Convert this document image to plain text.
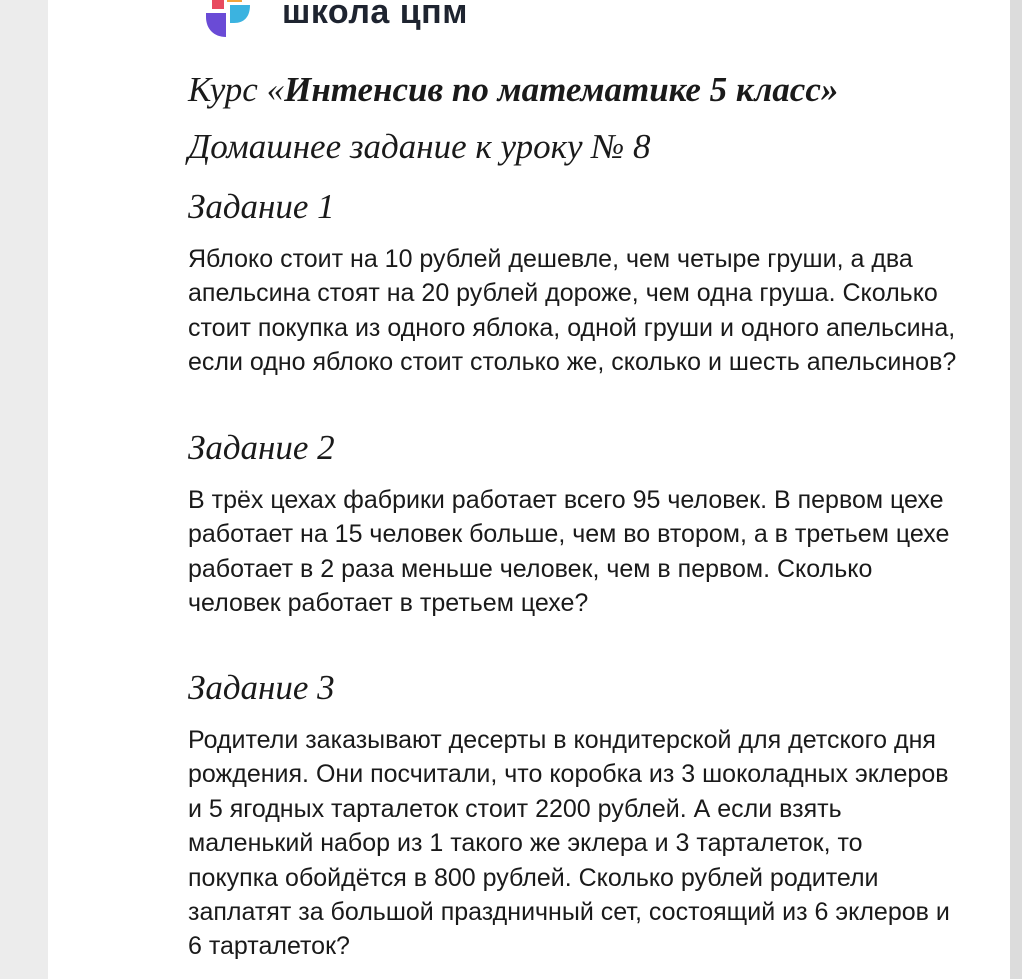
школа цпм
Курс «Интенсив по математике 5 класс»
Домашнее задание к уроку № 8
Задание 1

Яблоко стоит на 10 рублей дешевле, чем четыре груши, а два апельсина стоят на 20 рублей дороже, чем одна груша. Сколько стоит покупка из одного яблока, одной груши и одного апельсина, если одно яблоко стоит столько же, сколько и шесть апельсинов?

Задание 2

В трёх цехах фабрики работает всего 95 человек. В первом цехе работает на 15 человек больше, чем во втором, а в третьем цехе работает в 2 раза меньше человек, чем в первом. Сколько человек работает в третьем цехе?

Задание 3

Родители заказывают десерты в кондитерской для детского дня рождения. Они посчитали, что коробка из 3 шоколадных эклеров и 5 ягодных тарталеток стоит 2200 рублей. А если взять маленький набор из 1 такого же эклера и 3 тарталеток, то покупка обойдётся в 800 рублей. Сколько рублей родители заплатят за большой праздничный сет, состоящий из 6 эклеров и 6 тарталеток?
